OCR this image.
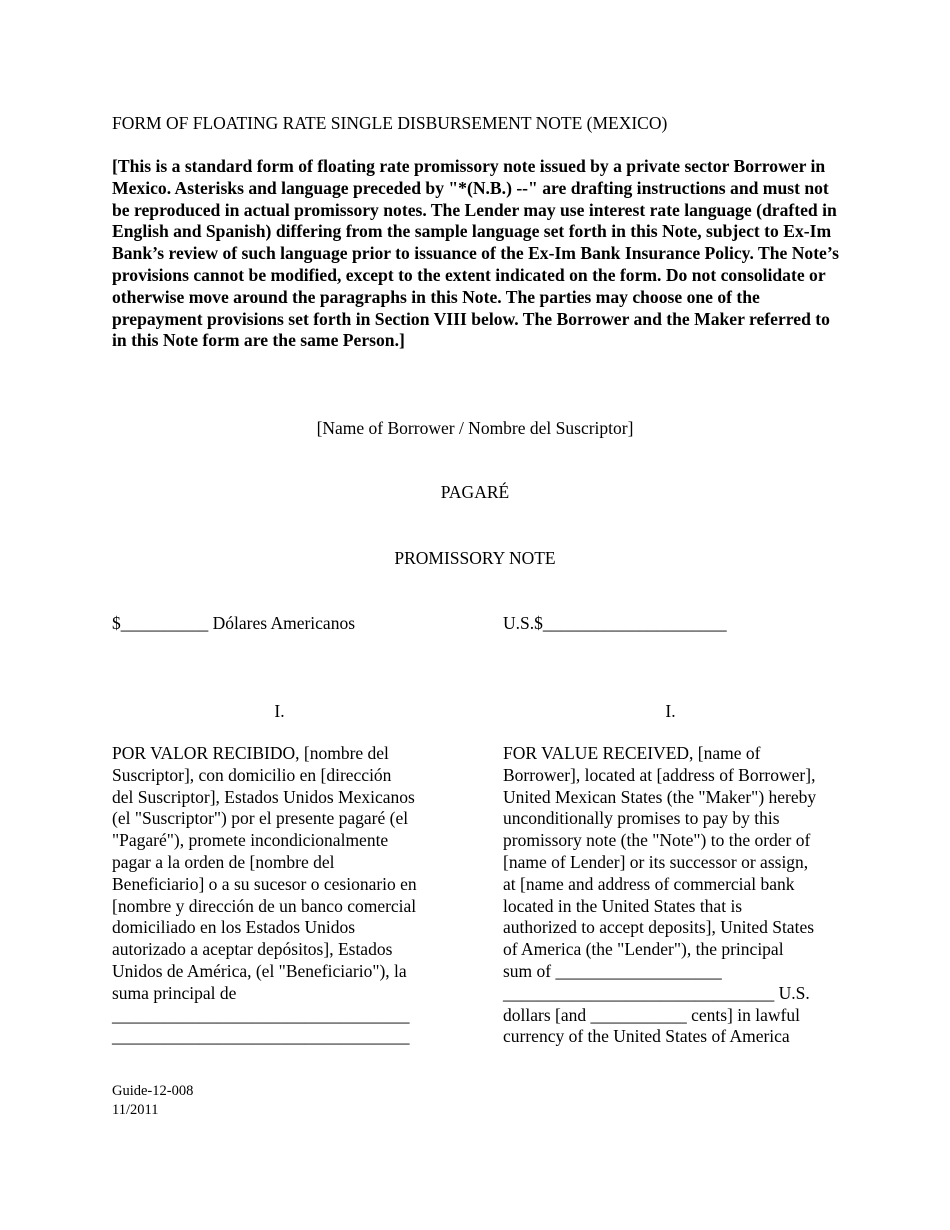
FORM OF FLOATING RATE SINGLE DISBURSEMENT NOTE (MEXICO)
[This is a standard form of floating rate promissory note issued by a private sector Borrower in Mexico. Asterisks and language preceded by "*(N.B.) --" are drafting instructions and must not be reproduced in actual promissory notes. The Lender may use interest rate language (drafted in English and Spanish) differing from the sample language set forth in this Note, subject to Ex-Im Bank’s review of such language prior to issuance of the Ex-Im Bank Insurance Policy. The Note’s provisions cannot be modified, except to the extent indicated on the form. Do not consolidate or otherwise move around the paragraphs in this Note. The parties may choose one of the prepayment provisions set forth in Section VIII below. The Borrower and the Maker referred to in this Note form are the same Person.]
[Name of Borrower / Nombre del Suscriptor]
PAGARÉ
PROMISSORY NOTE
$__________ Dólares Americanos	U.S.$_____________________
I.	I.
POR VALOR RECIBIDO, [nombre del
Suscriptor], con domicilio en [dirección
del Suscriptor], Estados Unidos Mexicanos
(el "Suscriptor") por el presente pagaré (el
"Pagaré"), promete incondicionalmente
pagar a la orden de [nombre del
Beneficiario] o a su sucesor o cesionario en
[nombre y dirección de un banco comercial
domiciliado en los Estados Unidos
autorizado a aceptar depósitos], Estados
Unidos de América, (el "Beneficiario"), la
suma principal de
__________________________________
__________________________________
FOR VALUE RECEIVED, [name of
Borrower], located at [address of Borrower],
United Mexican States (the "Maker") hereby
unconditionally promises to pay by this
promissory note (the "Note") to the order of
[name of Lender] or its successor or assign,
at [name and address of commercial bank
located in the United States that is
authorized to accept deposits], United States
of America (the "Lender"), the principal
sum of ___________________
_______________________________ U.S.
dollars [and ___________ cents] in lawful
currency of the United States of America
Guide-12-008
11/2011
